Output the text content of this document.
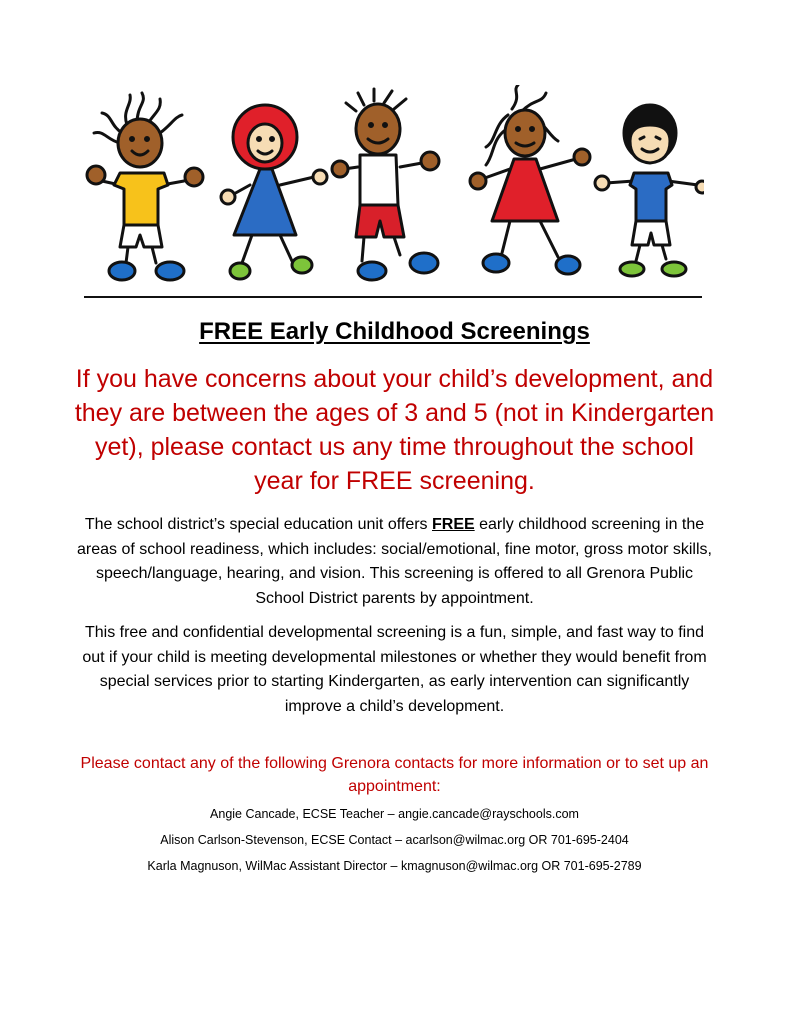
FREE Early Childhood Screenings
If you have concerns about your child’s development, and they are between the ages of 3 and 5 (not in Kindergarten yet), please contact us any time throughout the school year for FREE screening.
The school district’s special education unit offers FREE early childhood screening in the areas of school readiness, which includes: social/emotional, fine motor, gross motor skills, speech/language, hearing, and vision. This screening is offered to all Grenora Public School District parents by appointment.
This free and confidential developmental screening is a fun, simple, and fast way to find out if your child is meeting developmental milestones or whether they would benefit from special services prior to starting Kindergarten, as early intervention can significantly improve a child’s development.
Please contact any of the following Grenora contacts for more information or to set up an appointment:
Angie Cancade, ECSE Teacher – angie.cancade@rayschools.com
Alison Carlson-Stevenson, ECSE Contact – acarlson@wilmac.org OR 701-695-2404
Karla Magnuson, WilMac Assistant Director – kmagnuson@wilmac.org OR 701-695-2789
